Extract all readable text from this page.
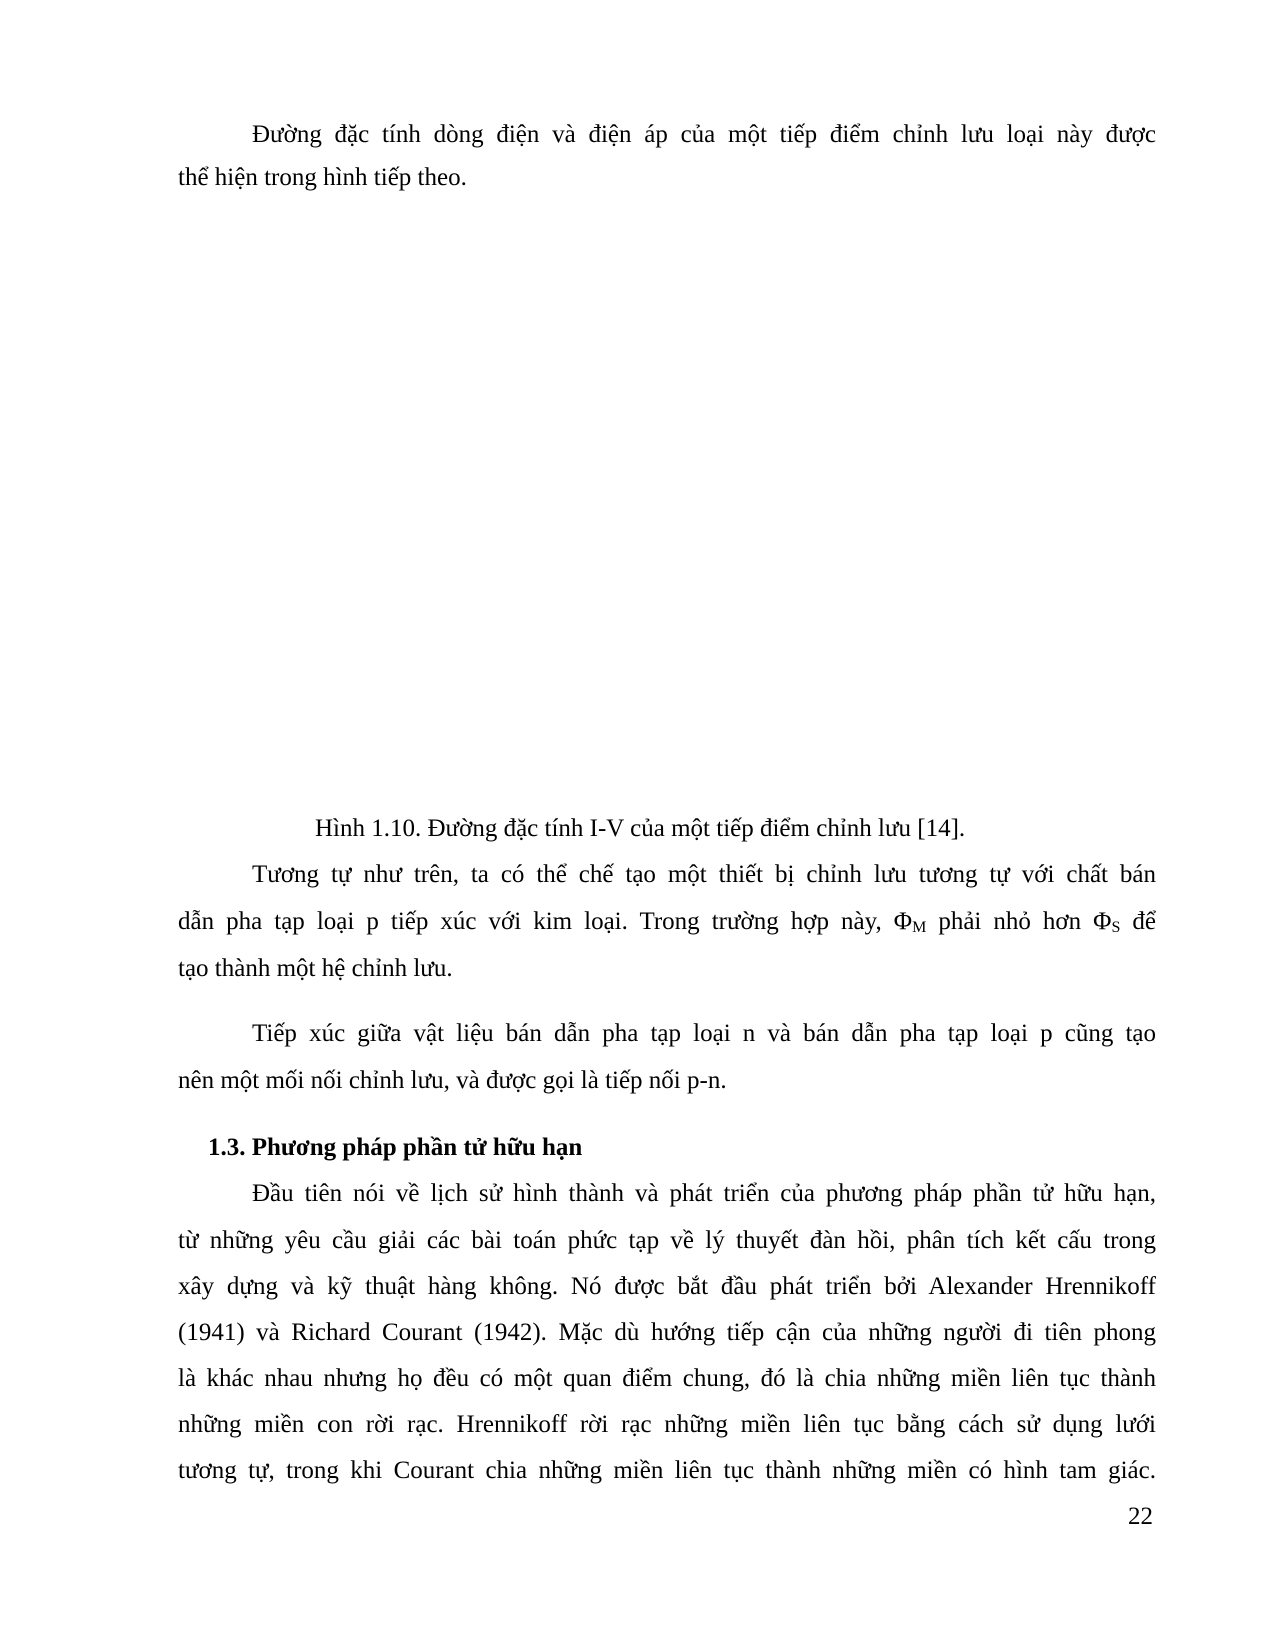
Đường đặc tính dòng điện và điện áp của một tiếp điểm chỉnh lưu loại này được
thể hiện trong hình tiếp theo.
Hình 1.10. Đường đặc tính I-V của một tiếp điểm chỉnh lưu [14].
Tương tự như trên, ta có thể chế tạo một thiết bị chỉnh lưu tương tự với chất bán
dẫn pha tạp loại p tiếp xúc với kim loại. Trong trường hợp này, $\Phi_M$ phải nhỏ hơn $\Phi_S$ để
tạo thành một hệ chỉnh lưu.
Tiếp xúc giữa vật liệu bán dẫn pha tạp loại n và bán dẫn pha tạp loại p cũng tạo
nên một mối nối chỉnh lưu, và được gọi là tiếp nối p-n.
1.3. Phương pháp phần tử hữu hạn
Đầu tiên nói về lịch sử hình thành và phát triển của phương pháp phần tử hữu hạn,
từ những yêu cầu giải các bài toán phức tạp về lý thuyết đàn hồi, phân tích kết cấu trong
xây dựng và kỹ thuật hàng không. Nó được bắt đầu phát triển bởi Alexander Hrennikoff
(1941) và Richard Courant (1942). Mặc dù hướng tiếp cận của những người đi tiên phong
là khác nhau nhưng họ đều có một quan điểm chung, đó là chia những miền liên tục thành
những miền con rời rạc. Hrennikoff rời rạc những miền liên tục bằng cách sử dụng lưới
tương tự, trong khi Courant chia những miền liên tục thành những miền có hình tam giác.
22
